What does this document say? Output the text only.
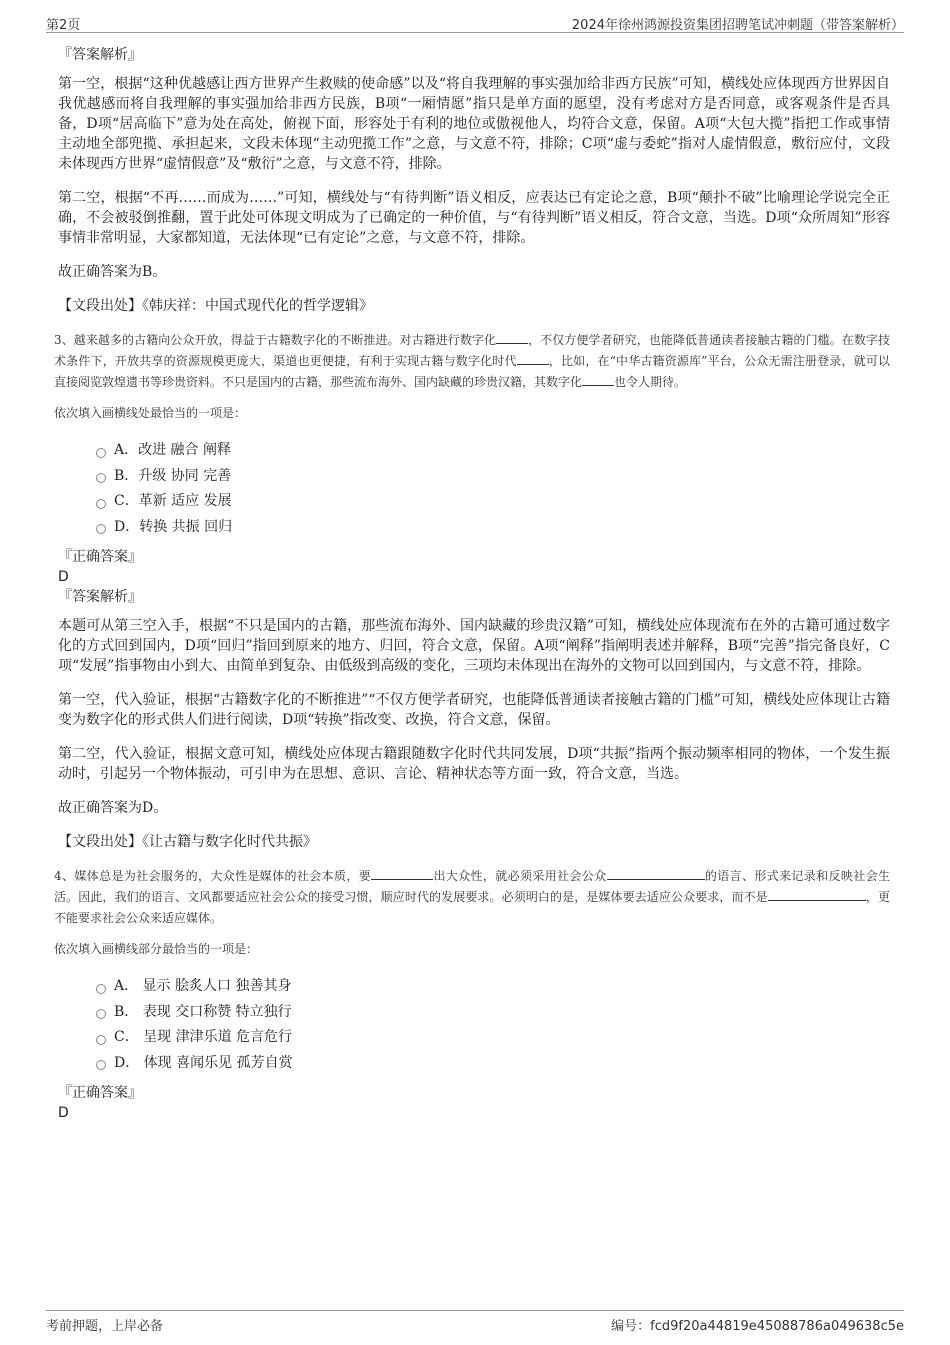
第2页	2024年徐州鸿源投资集团招聘笔试冲刺题（带答案解析）

『答案解析』

第一空，根据“这种优越感让西方世界产生救赎的使命感”以及“将自我理解的事实强加给非西方民族”可知，横线处应体现西方世界因自我优越感而将自我理解的事实强加给非西方民族，B项“一厢情愿”指只是单方面的愿望，没有考虑对方是否同意，或客观条件是否具备，D项“居高临下”意为处在高处，俯视下面，形容处于有利的地位或傲视他人，均符合文意，保留。A项“大包大揽”指把工作或事情主动地全部兜揽、承担起来，文段未体现“主动兜揽工作”之意，与文意不符，排除；C项“虚与委蛇”指对人虚情假意，敷衍应付，文段未体现西方世界“虚情假意”及“敷衍”之意，与文意不符，排除。

第二空，根据“不再……而成为……”可知，横线处与“有待判断”语义相反，应表达已有定论之意，B项“颠扑不破”比喻理论学说完全正确，不会被驳倒推翻，置于此处可体现文明成为了已确定的一种价值，与“有待判断”语义相反，符合文意，当选。D项“众所周知”形容事情非常明显，大家都知道，无法体现“已有定论”之意，与文意不符，排除。

故正确答案为B。

【文段出处】《韩庆祥：中国式现代化的哲学逻辑》

3、越来越多的古籍向公众开放，得益于古籍数字化的不断推进。对古籍进行数字化	，不仅方便学者研究，也能降低普通读者接触古籍的门槛。在数字技术条件下，开放共享的资源规模更庞大，渠道也更便捷，有利于实现古籍与数字化时代	，比如，在“中华古籍资源库”平台，公众无需注册登录，就可以直接阅览敦煌遗书等珍贵资料。不只是国内的古籍，那些流布海外、国内缺藏的珍贵汉籍，其数字化	也令人期待。

依次填入画横线处最恰当的一项是：

A．改进 融合 阐释
B．升级 协同 完善
C．革新 适应 发展
D．转换 共振 回归

『正确答案』

D

『答案解析』

本题可从第三空入手，根据“不只是国内的古籍，那些流布海外、国内缺藏的珍贵汉籍”可知，横线处应体现流布在外的古籍可通过数字化的方式回到国内，D项“回归”指回到原来的地方、归回，符合文意，保留。A项“阐释”指阐明表述并解释，B项“完善”指完备良好，C项“发展”指事物由小到大、由简单到复杂、由低级到高级的变化，三项均未体现出在海外的文物可以回到国内，与文意不符，排除。

第一空，代入验证，根据“古籍数字化的不断推进”“不仅方便学者研究，也能降低普通读者接触古籍的门槛”可知，横线处应体现让古籍变为数字化的形式供人们进行阅读，D项“转换”指改变、改换，符合文意，保留。

第二空，代入验证，根据文意可知，横线处应体现古籍跟随数字化时代共同发展，D项“共振”指两个振动频率相同的物体，一个发生振动时，引起另一个物体振动，可引申为在思想、意识、言论、精神状态等方面一致，符合文意，当选。

故正确答案为D。

【文段出处】《让古籍与数字化时代共振》

4、媒体总是为社会服务的，大众性是媒体的社会本质，要	出大众性，就必须采用社会公众	的语言、形式来记录和反映社会生活。因此，我们的语言、文风都要适应社会公众的接受习惯，顺应时代的发展要求。必须明白的是，是媒体要去适应公众要求，而不是	，更不能要求社会公众来适应媒体。

依次填入画横线部分最恰当的一项是：

A． 显示 脍炙人口 独善其身
B． 表现 交口称赞 特立独行
C． 呈现 津津乐道 危言危行
D． 体现 喜闻乐见 孤芳自赏

『正确答案』

D

考前押题，上岸必备	编号：fcd9f20a44819e45088786a049638c5e
